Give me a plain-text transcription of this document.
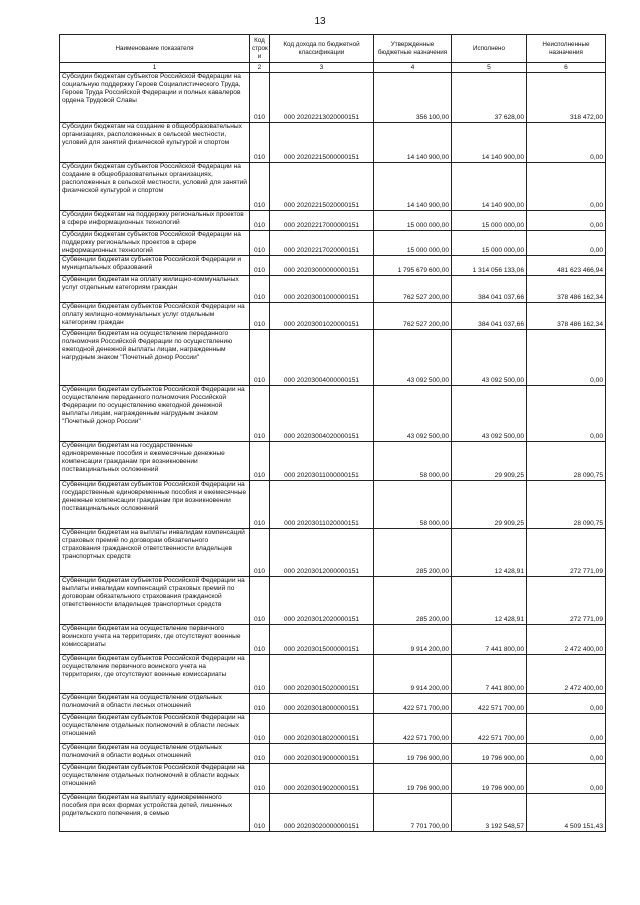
13
Наименование показателя	Код строк и	Код дохода по бюджетной классификации	Утвержденные бюджетные назначения	Исполнено	Неисполненные назначения
1	2	3	4	5	6
Субсидии бюджетам субъектов Российской Федерации на социальную поддержку Героев Социалистического Труда, Героев Труда Российской Федерации и полных кавалеров ордена Трудовой Славы	010	000 20202213020000151	356 100,00	37 628,00	318 472,00
Субсидии бюджетам на создание в общеобразовательных организациях, расположенных в сельской местности, условий для занятий физической культурой и спортом	010	000 20202215000000151	14 140 900,00	14 140 900,00	0,00
Субсидии бюджетам субъектов Российской Федерации на создание в общеобразовательных организациях, расположенных в сельской местности, условий для занятий физической культурой и спортом	010	000 20202215020000151	14 140 900,00	14 140 900,00	0,00
Субсидии бюджетам на поддержку региональных проектов в сфере информационных технологий	010	000 20202217000000151	15 000 000,00	15 000 000,00	0,00
Субсидии бюджетам субъектов Российской Федерации на поддержку региональных проектов в сфере информационных технологий	010	000 20202217020000151	15 000 000,00	15 000 000,00	0,00
Субвенции бюджетам субъектов Российской Федерации и муниципальных образований	010	000 20203000000000151	1 795 679 600,00	1 314 056 133,06	481 623 466,94
Субвенции бюджетам на оплату жилищно-коммунальных услуг отдельным категориям граждан	010	000 20203001000000151	762 527 200,00	384 041 037,66	378 486 162,34
Субвенции бюджетам субъектов Российской Федерации на оплату жилищно-коммунальных услуг отдельным категориям граждан	010	000 20203001020000151	762 527 200,00	384 041 037,66	378 486 162,34
Субвенции бюджетам на осуществление переданного полномочия Российской Федерации по осуществлению ежегодной денежной выплаты лицам, награжденным нагрудным знаком "Почетный донор России"	010	000 20203004000000151	43 092 500,00	43 092 500,00	0,00
Субвенции бюджетам субъектов Российской Федерации на осуществление переданного полномочия Российской Федерации по осуществлению ежегодной денежной выплаты лицам, награжденным нагрудным знаком "Почетный донор России"	010	000 20203004020000151	43 092 500,00	43 092 500,00	0,00
Субвенции бюджетам на государственные единовременные пособия и ежемесячные денежные компенсации гражданам при возникновении поствакцинальных осложнений	010	000 20203011000000151	58 000,00	29 909,25	28 090,75
Субвенции бюджетам субъектов Российской Федерации на государственные единовременные пособия и ежемесячные денежные компенсации гражданам при возникновении поствакцинальных осложнений	010	000 20203011020000151	58 000,00	29 909,25	28 090,75
Субвенции бюджетам на выплаты инвалидам компенсаций страховых премий по договорам обязательного страхования гражданской ответственности владельцев транспортных средств	010	000 20203012000000151	285 200,00	12 428,91	272 771,09
Субвенции бюджетам субъектов Российской Федерации на выплаты инвалидам компенсаций страховых премий по договорам обязательного страхования гражданской ответственности владельцев транспортных средств	010	000 20203012020000151	285 200,00	12 428,91	272 771,09
Субвенции бюджетам на осуществление первичного воинского учета на территориях, где отсутствуют военные комиссариаты	010	000 20203015000000151	9 914 200,00	7 441 800,00	2 472 400,00
Субвенции бюджетам субъектов Российской Федерации на осуществление первичного воинского учета на территориях, где отсутствуют военные комиссариаты	010	000 20203015020000151	9 914 200,00	7 441 800,00	2 472 400,00
Субвенции бюджетам на осуществление отдельных полномочий в области лесных отношений	010	000 20203018000000151	422 571 700,00	422 571 700,00	0,00
Субвенции бюджетам субъектов Российской Федерации на осуществление отдельных полномочий в области лесных отношений	010	000 20203018020000151	422 571 700,00	422 571 700,00	0,00
Субвенции бюджетам на осуществление отдельных полномочий в области водных отношений	010	000 20203019000000151	19 796 900,00	19 796 900,00	0,00
Субвенции бюджетам субъектов Российской Федерации на осуществление отдельных полномочий в области водных отношений	010	000 20203019020000151	19 796 900,00	19 796 900,00	0,00
Субвенции бюджетам на выплату единовременного пособия при всех формах устройства детей, лишенных родительского попечения, в семью	010	000 20203020000000151	7 701 700,00	3 192 548,57	4 509 151,43
